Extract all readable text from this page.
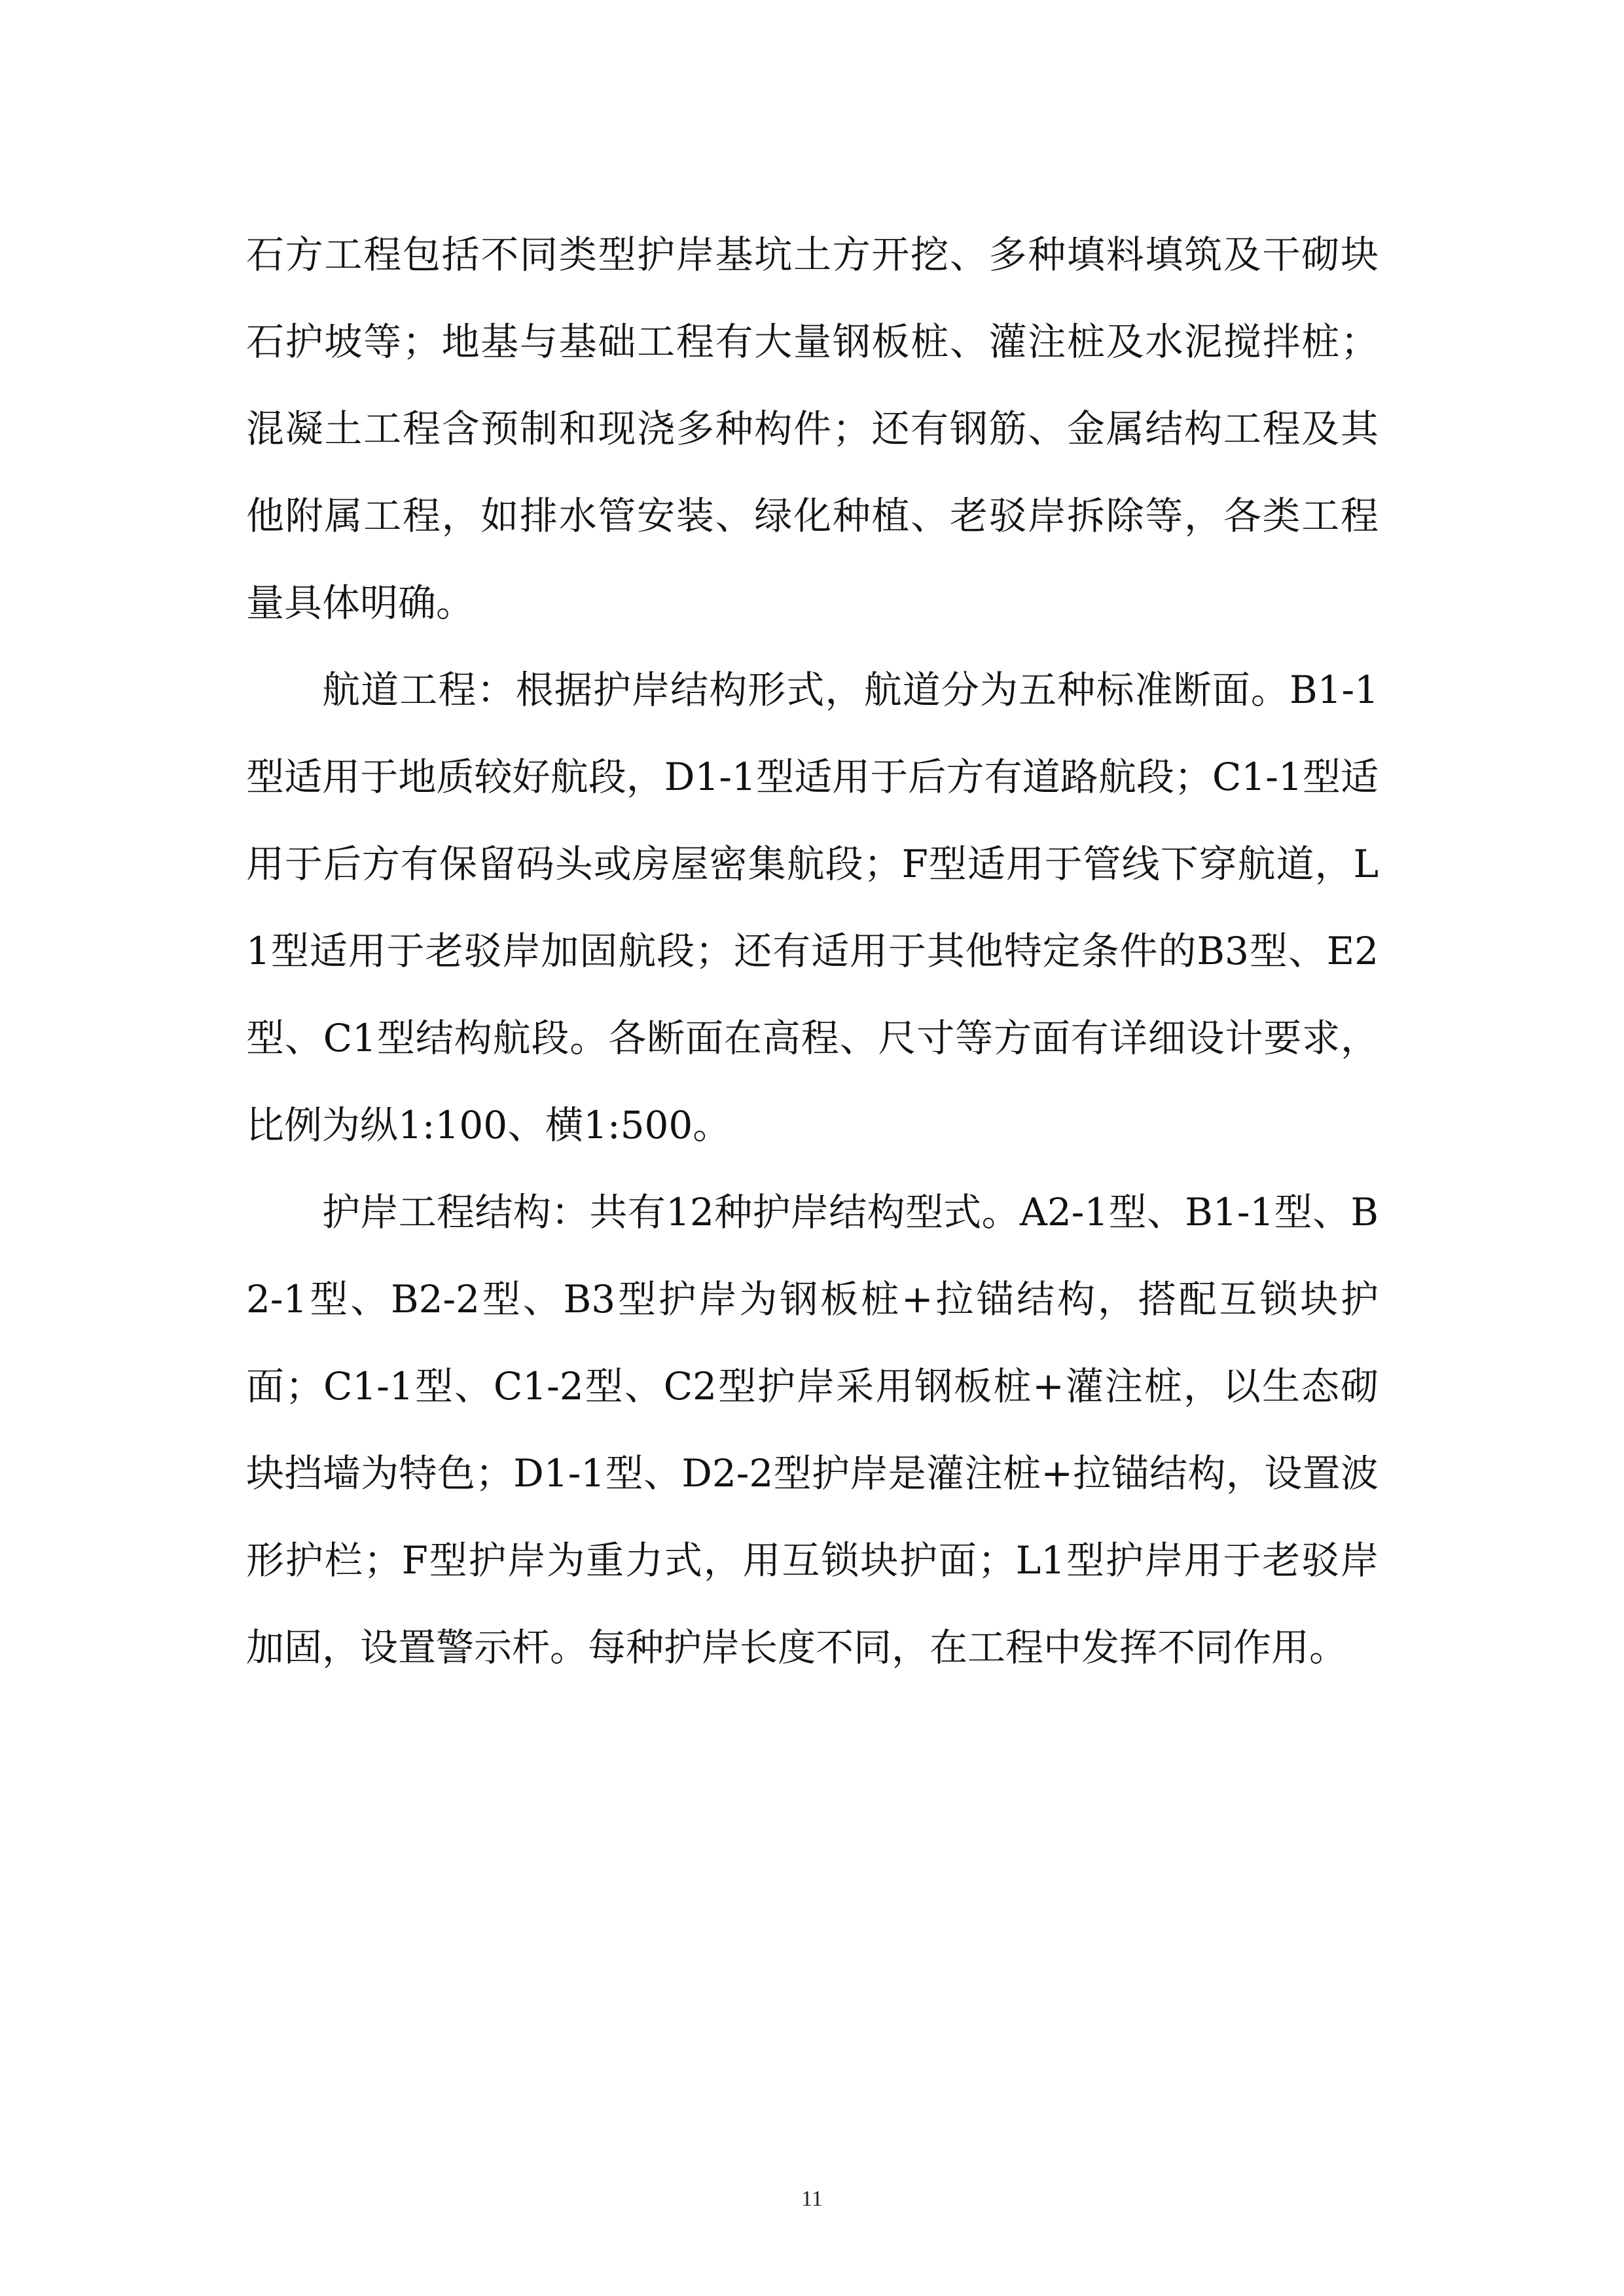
石方工程包括不同类型护岸基坑土方开挖、多种填料填筑及干砌块石护坡等；地基与基础工程有大量钢板桩、灌注桩及水泥搅拌桩；混凝土工程含预制和现浇多种构件；还有钢筋、金属结构工程及其他附属工程，如排水管安装、绿化种植、老驳岸拆除等，各类工程量具体明确。

航道工程：根据护岸结构形式，航道分为五种标准断面。B1-1型适用于地质较好航段，D1-1型适用于后方有道路航段；C1-1型适用于后方有保留码头或房屋密集航段；F型适用于管线下穿航道，L1型适用于老驳岸加固航段；还有适用于其他特定条件的B3型、E2型、C1型结构航段。各断面在高程、尺寸等方面有详细设计要求，比例为纵1:100、横1:500。

护岸工程结构：共有12种护岸结构型式。A2-1型、B1-1型、B2-1型、B2-2型、B3型护岸为钢板桩+拉锚结构，搭配互锁块护面；C1-1型、C1-2型、C2型护岸采用钢板桩+灌注桩，以生态砌块挡墙为特色；D1-1型、D2-2型护岸是灌注桩+拉锚结构，设置波形护栏；F型护岸为重力式，用互锁块护面；L1型护岸用于老驳岸加固，设置警示杆。每种护岸长度不同，在工程中发挥不同作用。

11
